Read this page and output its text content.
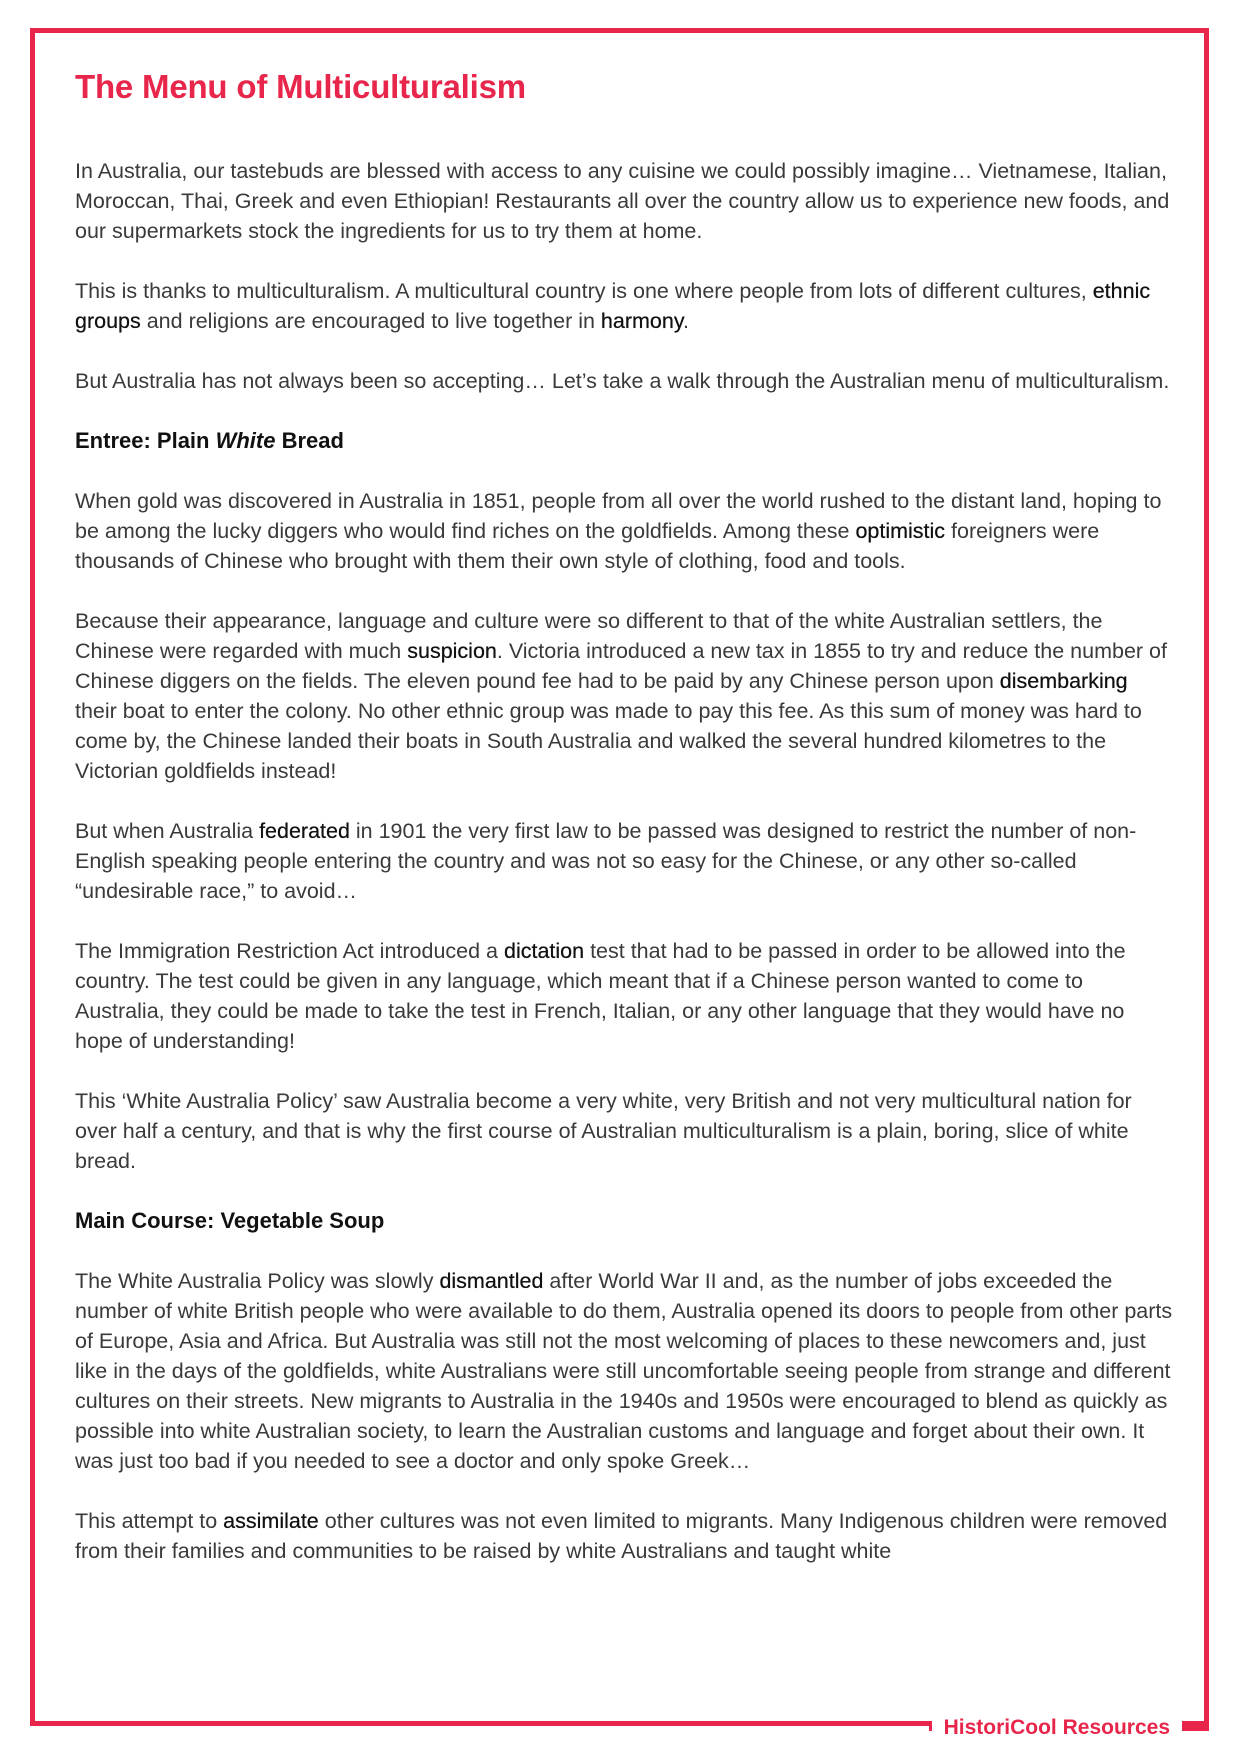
The Menu of Multiculturalism

In Australia, our tastebuds are blessed with access to any cuisine we could possibly imagine… Vietnamese, Italian, Moroccan, Thai, Greek and even Ethiopian! Restaurants all over the country allow us to experience new foods, and our supermarkets stock the ingredients for us to try them at home.

This is thanks to multiculturalism. A multicultural country is one where people from lots of different cultures, ethnic groups and religions are encouraged to live together in harmony.

But Australia has not always been so accepting… Let’s take a walk through the Australian menu of multiculturalism.

Entree: Plain White Bread

When gold was discovered in Australia in 1851, people from all over the world rushed to the distant land, hoping to be among the lucky diggers who would find riches on the goldfields. Among these optimistic foreigners were thousands of Chinese who brought with them their own style of clothing, food and tools.

Because their appearance, language and culture were so different to that of the white Australian settlers, the Chinese were regarded with much suspicion. Victoria introduced a new tax in 1855 to try and reduce the number of Chinese diggers on the fields. The eleven pound fee had to be paid by any Chinese person upon disembarking their boat to enter the colony. No other ethnic group was made to pay this fee. As this sum of money was hard to come by, the Chinese landed their boats in South Australia and walked the several hundred kilometres to the Victorian goldfields instead!

But when Australia federated in 1901 the very first law to be passed was designed to restrict the number of non-English speaking people entering the country and was not so easy for the Chinese, or any other so-called “undesirable race,” to avoid…

The Immigration Restriction Act introduced a dictation test that had to be passed in order to be allowed into the country. The test could be given in any language, which meant that if a Chinese person wanted to come to Australia, they could be made to take the test in French, Italian, or any other language that they would have no hope of understanding!

This ‘White Australia Policy’ saw Australia become a very white, very British and not very multicultural nation for over half a century, and that is why the first course of Australian multiculturalism is a plain, boring, slice of white bread.

Main Course: Vegetable Soup

The White Australia Policy was slowly dismantled after World War II and, as the number of jobs exceeded the number of white British people who were available to do them, Australia opened its doors to people from other parts of Europe, Asia and Africa. But Australia was still not the most welcoming of places to these newcomers and, just like in the days of the goldfields, white Australians were still uncomfortable seeing people from strange and different cultures on their streets. New migrants to Australia in the 1940s and 1950s were encouraged to blend as quickly as possible into white Australian society, to learn the Australian customs and language and forget about their own. It was just too bad if you needed to see a doctor and only spoke Greek…

This attempt to assimilate other cultures was not even limited to migrants. Many Indigenous children were removed from their families and communities to be raised by white Australians and taught white

HistoriCool Resources
